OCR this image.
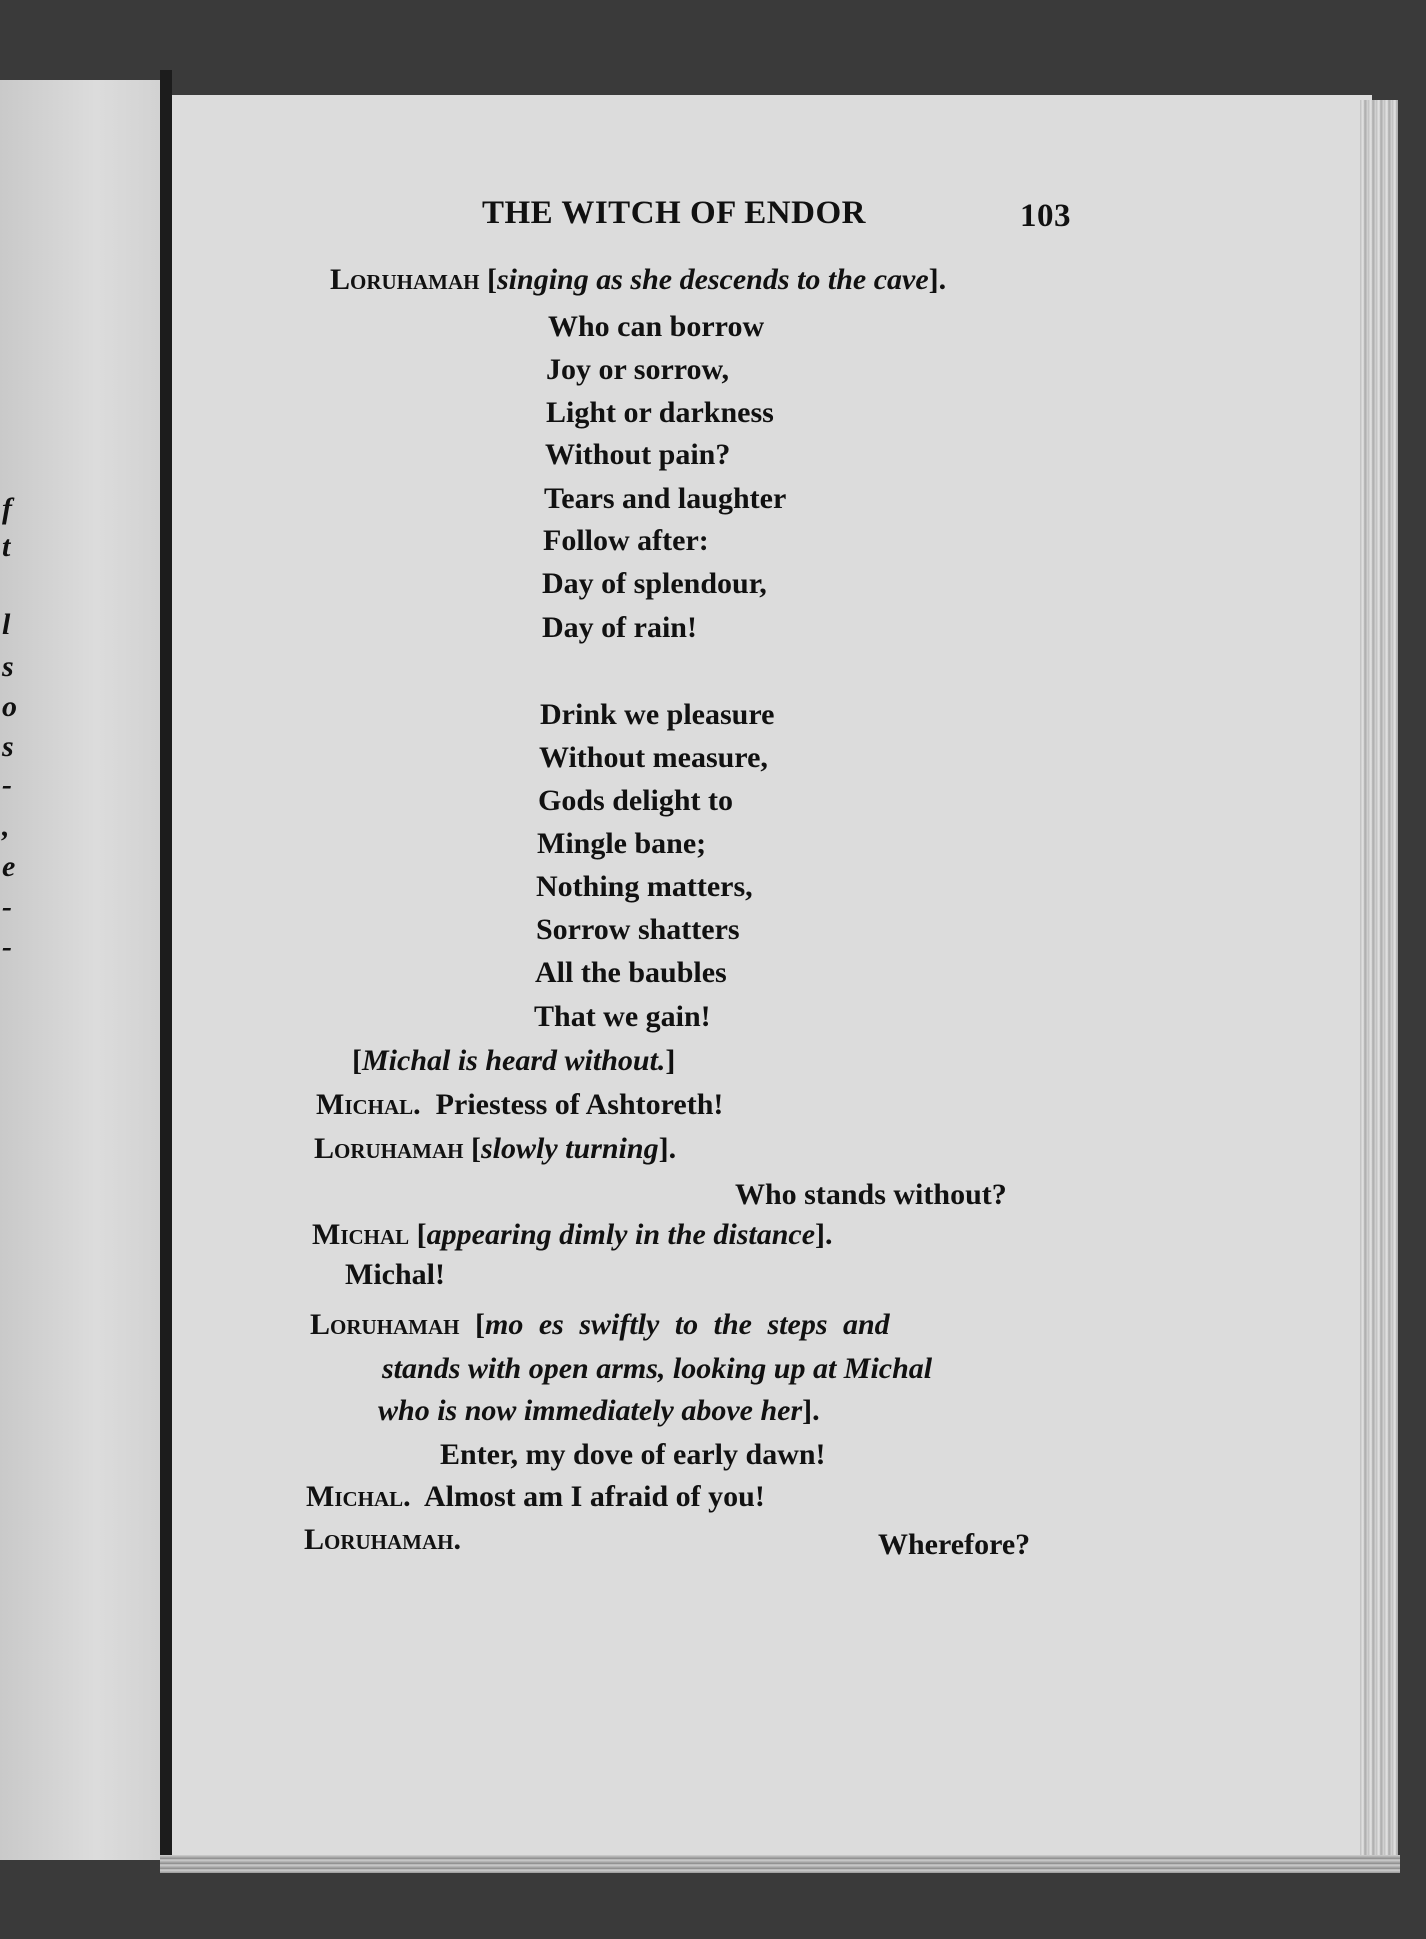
f
t
l
s
o
s
-
,
e
-
-
THE WITCH OF ENDOR	103
Loruhamah [singing as she descends to the cave].
Who can borrow
Joy or sorrow,
Light or darkness
Without pain?
Tears and laughter
Follow after:
Day of splendour,
Day of rain!
Drink we pleasure
Without measure,
Gods delight to
Mingle bane;
Nothing matters,
Sorrow shatters
All the baubles
That we gain!
[Michal is heard without.]
Michal.  Priestess of Ashtoreth!
Loruhamah [slowly turning].
Who stands without?
Michal [appearing dimly in the distance].
Michal!
Loruhamah [mo es swiftly to the steps and
stands with open arms, looking up at Michal
who is now immediately above her].
Enter, my dove of early dawn!
Michal.  Almost am I afraid of you!
Loruhamah.	Wherefore?
